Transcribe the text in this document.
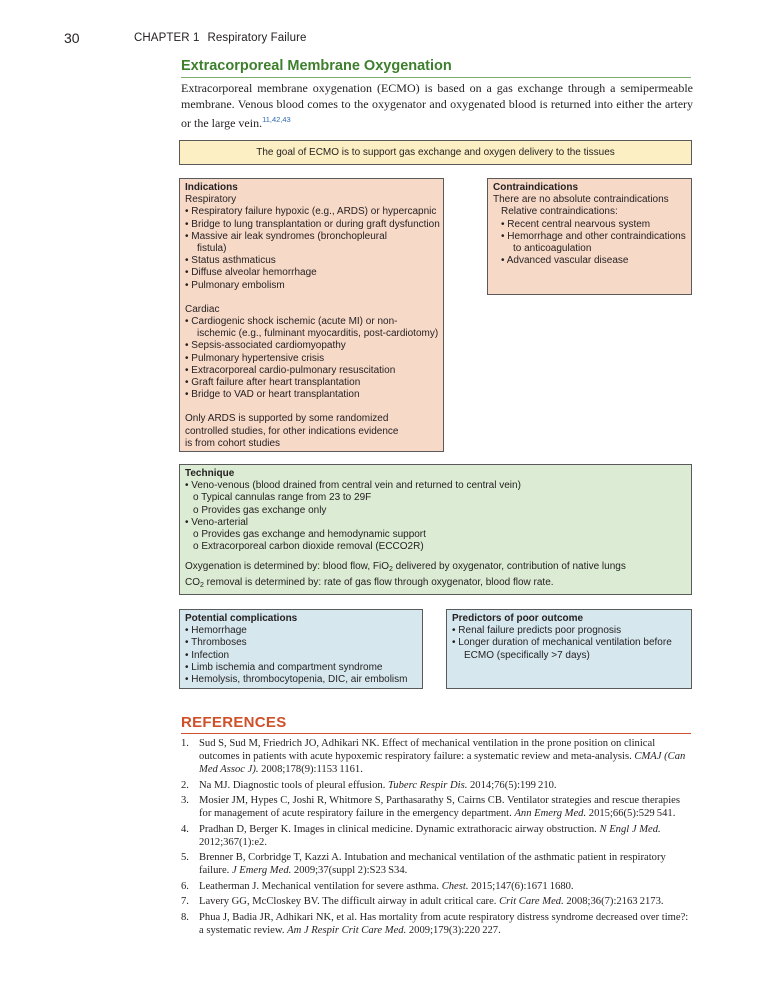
30	CHAPTER 1 Respiratory Failure
Extracorporeal Membrane Oxygenation
Extracorporeal membrane oxygenation (ECMO) is based on a gas exchange through a semipermeable membrane. Venous blood comes to the oxygenator and oxygenated blood is returned into either the artery or the large vein.$^{11,42,43}$
The goal of ECMO is to support gas exchange and oxygen delivery to the tissues
Indications
Respiratory
• Respiratory failure hypoxic (e.g., ARDS) or hypercapnic
• Bridge to lung transplantation or during graft dysfunction
• Massive air leak syndromes (bronchopleural
fistula)
• Status asthmaticus
• Diffuse alveolar hemorrhage
• Pulmonary embolism
Cardiac
• Cardiogenic shock ischemic (acute MI) or non-
ischemic (e.g., fulminant myocarditis, post-cardiotomy)
• Sepsis-associated cardiomyopathy
• Pulmonary hypertensive crisis
• Extracorporeal cardio-pulmonary resuscitation
• Graft failure after heart transplantation
• Bridge to VAD or heart transplantation
Only ARDS is supported by some randomized
controlled studies, for other indications evidence
is from cohort studies
Contraindications
There are no absolute contraindications
Relative contraindications:
• Recent central nearvous system
• Hemorrhage and other contraindications
to anticoagulation
• Advanced vascular disease
Technique
• Veno-venous (blood drained from central vein and returned to central vein)
o Typical cannulas range from 23 to 29F
o Provides gas exchange only
• Veno-arterial
o Provides gas exchange and hemodynamic support
o Extracorporeal carbon dioxide removal (ECCO2R)
Oxygenation is determined by: blood flow, FiO$_2$ delivered by oxygenator, contribution of native lungs
$CO_2$ removal is determined by: rate of gas flow through oxygenator, blood flow rate.
Potential complications
• Hemorrhage
• Thromboses
• Infection
• Limb ischemia and compartment syndrome
• Hemolysis, thrombocytopenia, DIC, air embolism
Predictors of poor outcome
• Renal failure predicts poor prognosis
• Longer duration of mechanical ventilation before
ECMO (specifically >7 days)
REFERENCES
1. Sud S, Sud M, Friedrich JO, Adhikari NK. Effect of mechanical ventilation in the prone position on clinical outcomes in patients with acute hypoxemic respiratory failure: a systematic review and meta-analysis. CMAJ (Can Med Assoc J). 2008;178(9):1153 1161.
2. Na MJ. Diagnostic tools of pleural effusion. Tuberc Respir Dis. 2014;76(5):199 210.
3. Mosier JM, Hypes C, Joshi R, Whitmore S, Parthasarathy S, Cairns CB. Ventilator strategies and rescue therapies for management of acute respiratory failure in the emergency department. Ann Emerg Med. 2015;66(5):529 541.
4. Pradhan D, Berger K. Images in clinical medicine. Dynamic extrathoracic airway obstruction. N Engl J Med. 2012;367(1):e2.
5. Brenner B, Corbridge T, Kazzi A. Intubation and mechanical ventilation of the asthmatic patient in respiratory failure. J Emerg Med. 2009;37(suppl 2):S23 S34.
6. Leatherman J. Mechanical ventilation for severe asthma. Chest. 2015;147(6):1671 1680.
7. Lavery GG, McCloskey BV. The difficult airway in adult critical care. Crit Care Med. 2008;36(7):2163 2173.
8. Phua J, Badia JR, Adhikari NK, et al. Has mortality from acute respiratory distress syndrome decreased over time?: a systematic review. Am J Respir Crit Care Med. 2009;179(3):220 227.
